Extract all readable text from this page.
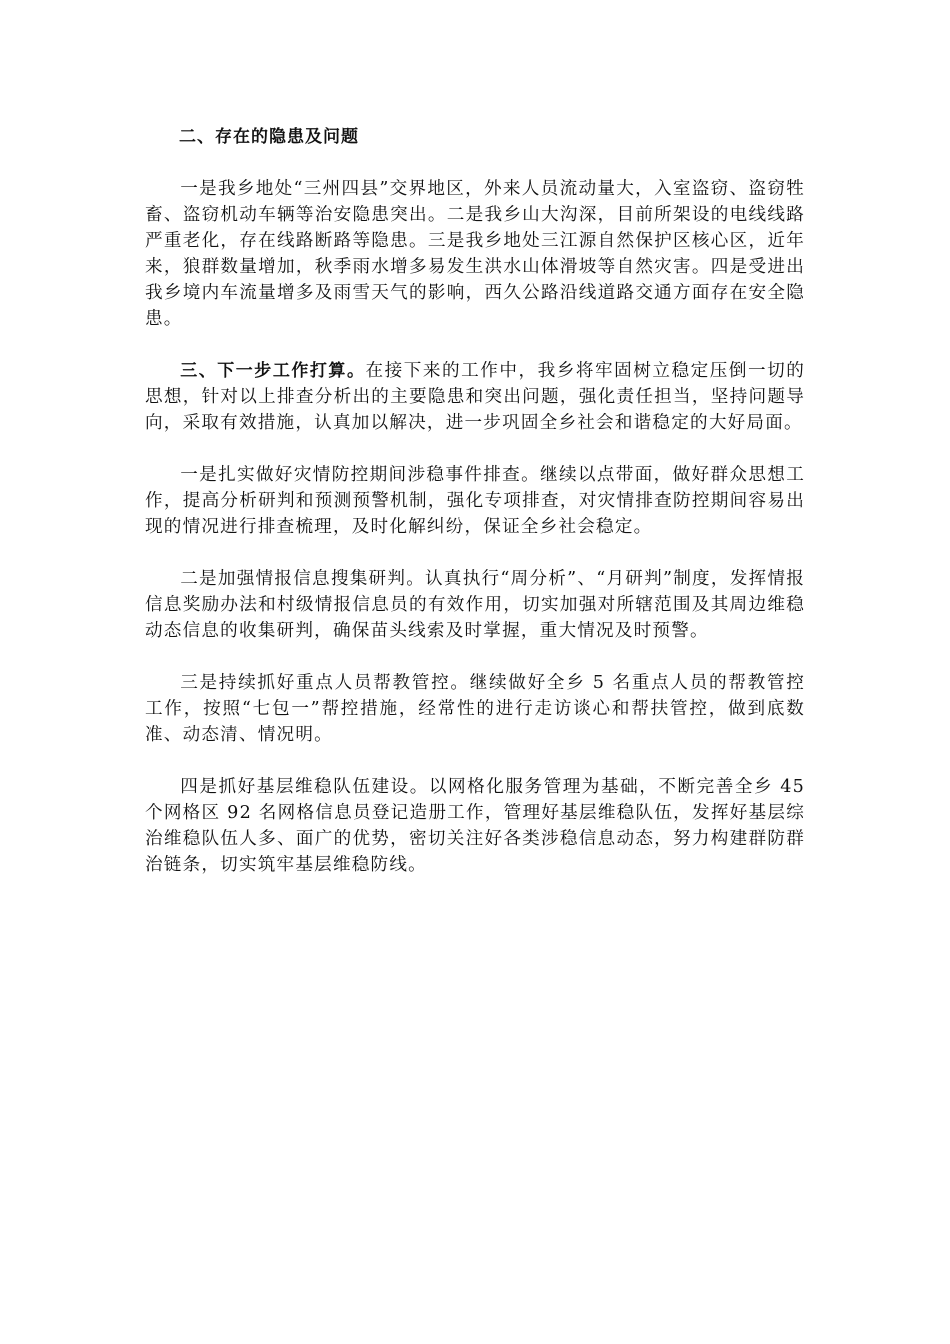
二、存在的隐患及问题

一是我乡地处“三州四县”交界地区，外来人员流动量大，入室盗窃、盗窃牲畜、盗窃机动车辆等治安隐患突出。二是我乡山大沟深，目前所架设的电线线路严重老化，存在线路断路等隐患。三是我乡地处三江源自然保护区核心区，近年来，狼群数量增加，秋季雨水增多易发生洪水山体滑坡等自然灾害。四是受进出我乡境内车流量增多及雨雪天气的影响，西久公路沿线道路交通方面存在安全隐患。

三、下一步工作打算。在接下来的工作中，我乡将牢固树立稳定压倒一切的思想，针对以上排查分析出的主要隐患和突出问题，强化责任担当，坚持问题导向，采取有效措施，认真加以解决，进一步巩固全乡社会和谐稳定的大好局面。

一是扎实做好灾情防控期间涉稳事件排查。继续以点带面，做好群众思想工作，提高分析研判和预测预警机制，强化专项排查，对灾情排查防控期间容易出现的情况进行排查梳理，及时化解纠纷，保证全乡社会稳定。

二是加强情报信息搜集研判。认真执行“周分析”、“月研判”制度，发挥情报信息奖励办法和村级情报信息员的有效作用，切实加强对所辖范围及其周边维稳动态信息的收集研判，确保苗头线索及时掌握，重大情况及时预警。

三是持续抓好重点人员帮教管控。继续做好全乡 5 名重点人员的帮教管控工作，按照“七包一”帮控措施，经常性的进行走访谈心和帮扶管控，做到底数准、动态清、情况明。

四是抓好基层维稳队伍建设。以网格化服务管理为基础，不断完善全乡 45 个网格区 92 名网格信息员登记造册工作，管理好基层维稳队伍，发挥好基层综治维稳队伍人多、面广的优势，密切关注好各类涉稳信息动态，努力构建群防群治链条，切实筑牢基层维稳防线。
